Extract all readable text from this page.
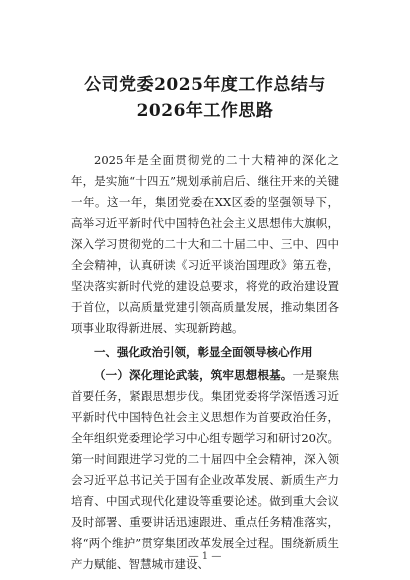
公司党委2025年度工作总结与2026年工作思路

2025年是全面贯彻党的二十大精神的深化之年，是实施“十四五”规划承前启后、继往开来的关键一年。这一年，集团党委在XX区委的坚强领导下，高举习近平新时代中国特色社会主义思想伟大旗帜，深入学习贯彻党的二十大和二十届二中、三中、四中全会精神，认真研读《习近平谈治国理政》第五卷，坚决落实新时代党的建设总要求，将党的政治建设置于首位，以高质量党建引领高质量发展，推动集团各项事业取得新进展、实现新跨越。

一、强化政治引领，彰显全面领导核心作用

（一）深化理论武装，筑牢思想根基。一是聚焦首要任务，紧跟思想步伐。集团党委将学深悟透习近平新时代中国特色社会主义思想作为首要政治任务，全年组织党委理论学习中心组专题学习和研讨20次。第一时间跟进学习党的二十届四中全会精神，深入领会习近平总书记关于国有企业改革发展、新质生产力培育、中国式现代化建设等重要论述。做到重大会议及时部署、重要讲话迅速跟进、重点任务精准落实，将“两个维护”贯穿集团改革发展全过程。围绕新质生产力赋能、智慧城市建设、

— 1 —
